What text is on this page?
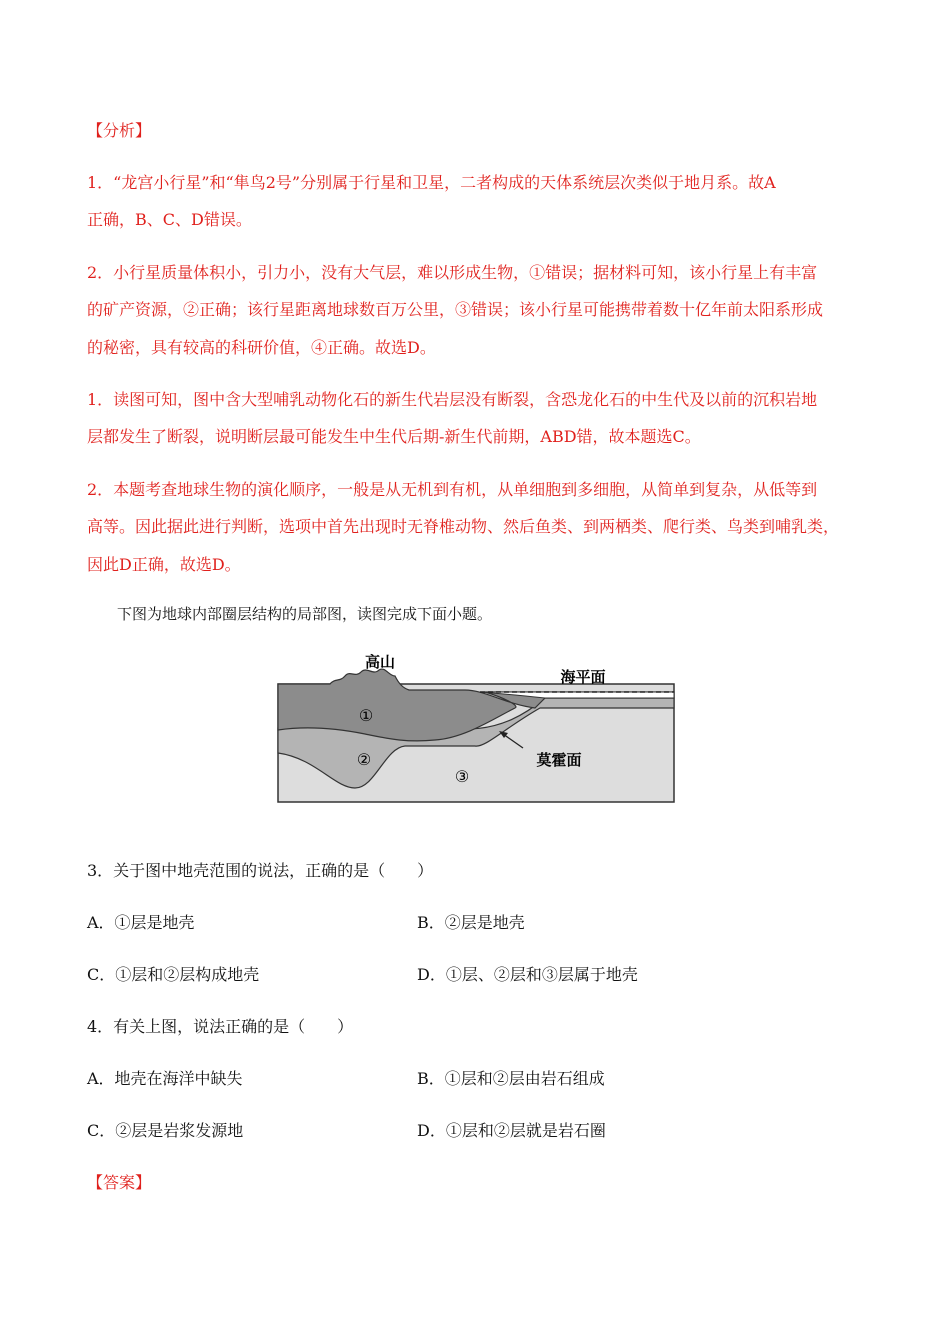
【分析】
1．“龙宫小行星”和“隼鸟2号”分别属于行星和卫星，二者构成的天体系统层次类似于地月系。故A
正确，B、C、D错误。
2．小行星质量体积小，引力小，没有大气层，难以形成生物，①错误；据材料可知，该小行星上有丰富
的矿产资源，②正确；该行星距离地球数百万公里，③错误；该小行星可能携带着数十亿年前太阳系形成
的秘密，具有较高的科研价值，④正确。故选D。
1．读图可知，图中含大型哺乳动物化石的新生代岩层没有断裂，含恐龙化石的中生代及以前的沉积岩地
层都发生了断裂，说明断层最可能发生中生代后期-新生代前期，ABD错，故本题选C。
2．本题考查地球生物的演化顺序，一般是从无机到有机，从单细胞到多细胞，从简单到复杂，从低等到
高等。因此据此进行判断，选项中首先出现时无脊椎动物、然后鱼类、到两栖类、爬行类、鸟类到哺乳类，
因此D正确，故选D。
下图为地球内部圈层结构的局部图，读图完成下面小题。
高山
海平面
莫霍面
①
②
③
3．关于图中地壳范围的说法，正确的是（　　）
A．①层是地壳	B．②层是地壳
C．①层和②层构成地壳	D．①层、②层和③层属于地壳
4．有关上图，说法正确的是（　　）
A．地壳在海洋中缺失	B．①层和②层由岩石组成
C．②层是岩浆发源地	D．①层和②层就是岩石圈
【答案】
